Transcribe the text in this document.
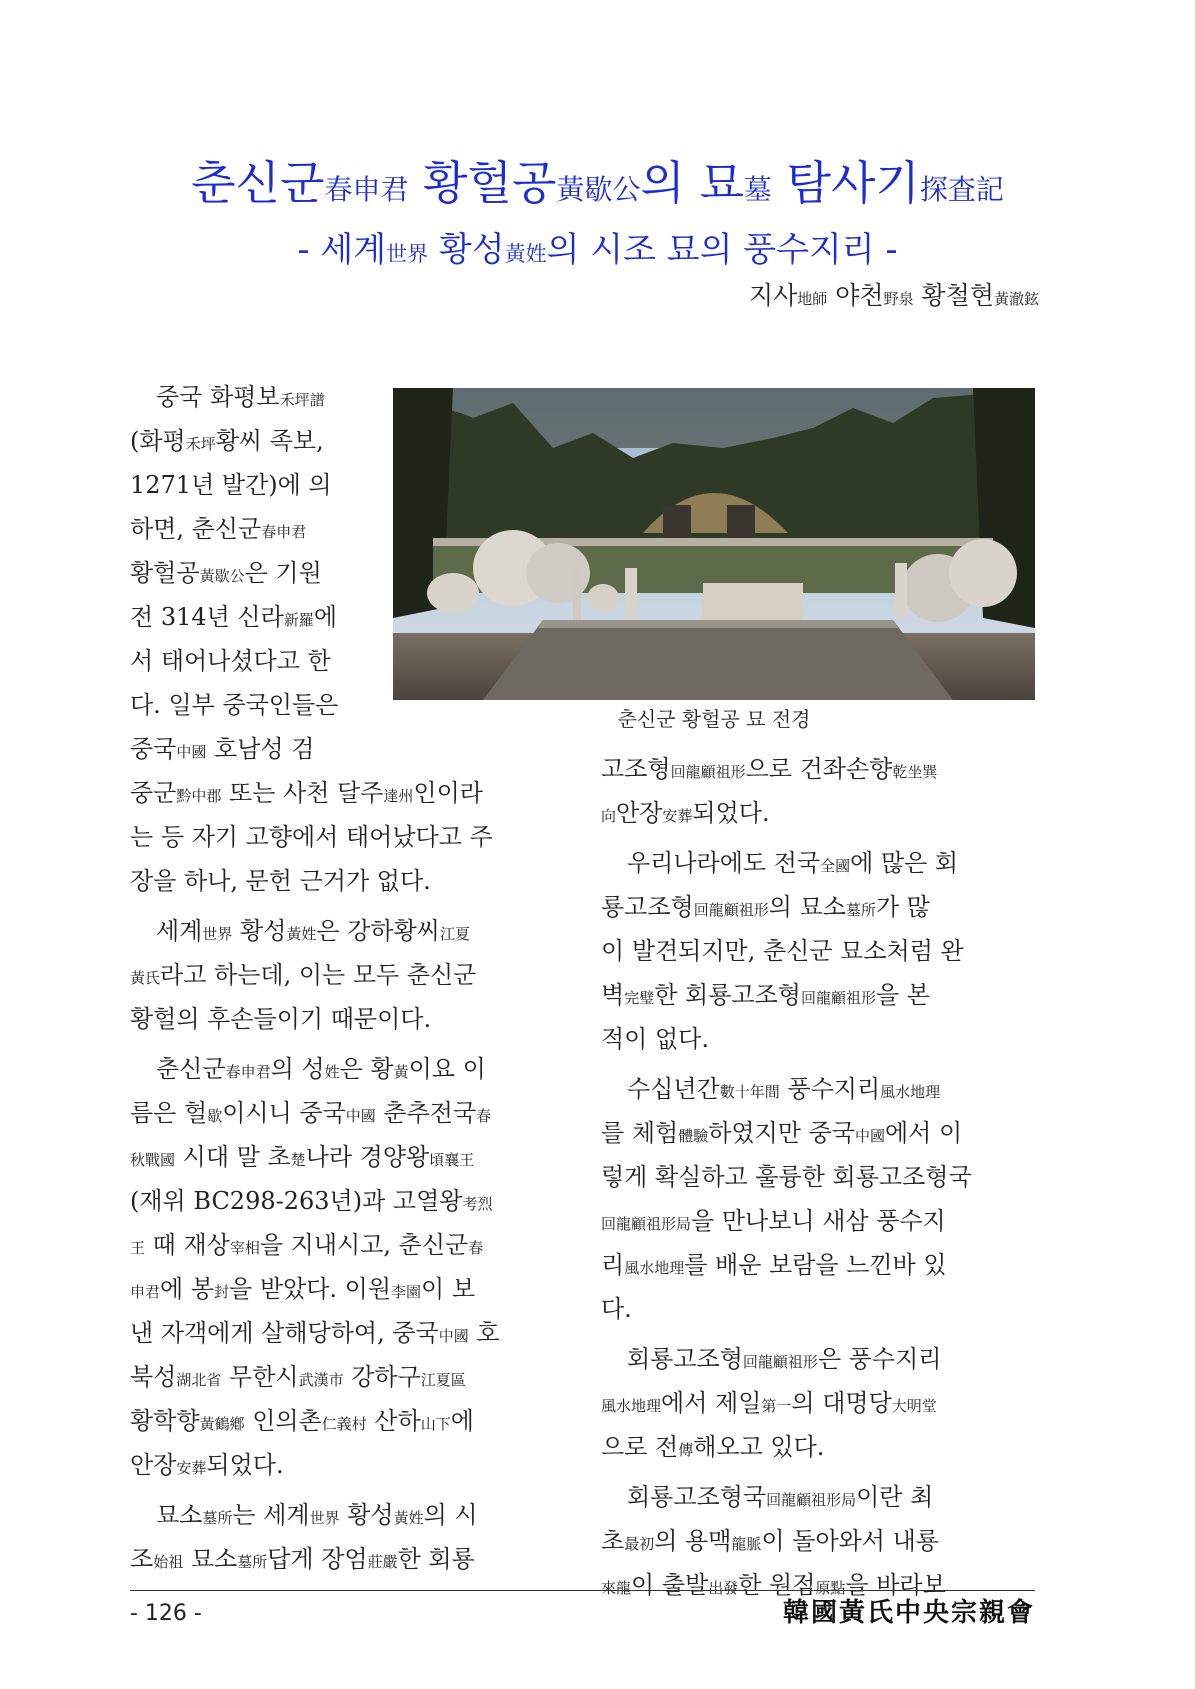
춘신군春申君 황헐공黃歇公의 묘墓 탐사기探査記
- 세계世界 황성黃姓의 시조 묘의 풍수지리 -
지사地師 야천野泉 황철현黃澈鉉
춘신군 황헐공 묘 전경
중국 화평보禾坪譜
(화평禾坪황씨 족보,
1271년 발간)에 의
하면, 춘신군春申君
황헐공黃歇公은 기원
전 314년 신라新羅에
서 태어나셨다고 한
다. 일부 중국인들은
중국中國 호남성 검
중군黔中郡 또는 사천 달주達州인이라
는 등 자기 고향에서 태어났다고 주
장을 하나, 문헌 근거가 없다.
세계世界 황성黃姓은 강하황씨江夏
黃氏라고 하는데, 이는 모두 춘신군
황헐의 후손들이기 때문이다.
춘신군春申君의 성姓은 황黃이요 이
름은 헐歇이시니 중국中國 춘추전국春
秋戰國 시대 말 초楚나라 경양왕頃襄王
(재위 BC298-263년)과 고열왕考烈
王 때 재상宰相을 지내시고, 춘신군春
申君에 봉封을 받았다. 이원李園이 보
낸 자객에게 살해당하여, 중국中國 호
북성湖北省 무한시武漢市 강하구江夏區
황학향黃鶴鄕 인의촌仁義村 산하山下에
안장安葬되었다.
묘소墓所는 세계世界 황성黃姓의 시
조始祖 묘소墓所답게 장엄莊嚴한 회룡
고조형回龍顧祖形으로 건좌손향乾坐巽
向안장安葬되었다.
우리나라에도 전국全國에 많은 회
룡고조형回龍顧祖形의 묘소墓所가 많
이 발견되지만, 춘신군 묘소처럼 완
벽完璧한 회룡고조형回龍顧祖形을 본
적이 없다.
수십년간數十年間 풍수지리風水地理
를 체험體驗하였지만 중국中國에서 이
렇게 확실하고 훌륭한 회룡고조형국
回龍顧祖形局을 만나보니 새삼 풍수지
리風水地理를 배운 보람을 느낀바 있
다.
회룡고조형回龍顧祖形은 풍수지리
風水地理에서 제일第一의 대명당大明堂
으로 전傳해오고 있다.
회룡고조형국回龍顧祖形局이란 최
초最初의 용맥龍脈이 돌아와서 내룡
來龍이 출발出發한 원점原點을 바라보
- 126 -	韓國黃氏中央宗親會
